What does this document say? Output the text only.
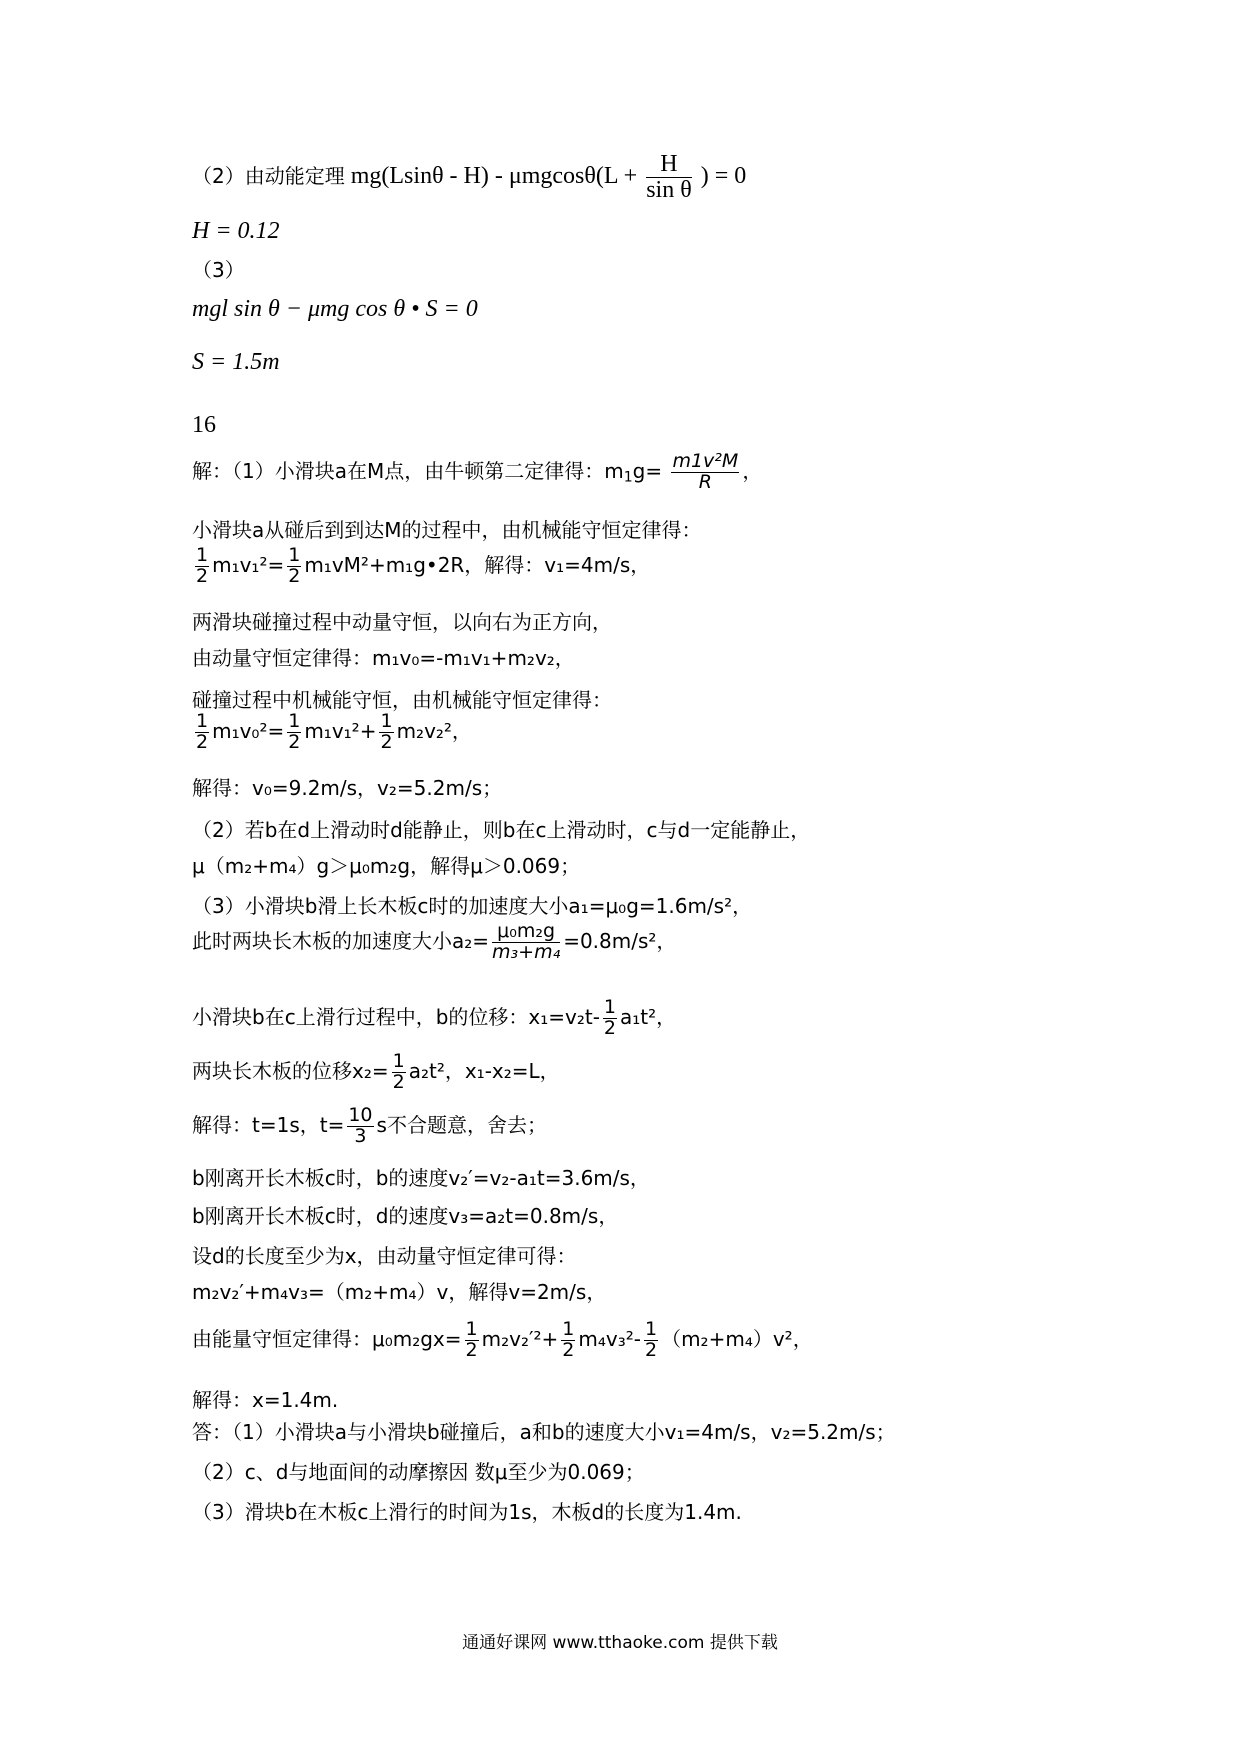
（2）由动能定理 $mg(Lsin\theta - H) - \mu mgcos\theta(L + \frac{H}{\text{sin θ}}$ ) = 0
H = 0.12
（3）
mgl sin θ − μmg cos θ • S = 0
S = 1.5m
16
解：（1）小滑块a在M点，由牛顿第二定律得：$m_1g= \frac{\text{m1v²M}}{R}$ ，
小滑块a从碰后到到达M的过程中，由机械能守恒定律得：
$\frac{1}{2} m_1v_1^2= \frac{1}{2}$ m₁vM²+m₁g•2R，解得：v₁=4m/s，
两滑块碰撞过程中动量守恒，以向右为正方向，
由动量守恒定律得：m₁v₀=-m₁v₁+m₂v₂，
碰撞过程中机械能守恒，由机械能守恒定律得：
$\frac{1}{2} m_1v_0^2= \frac{1}{2} m_1v_1^2+ \frac{1}{2} m_2v_2^2$，
解得：v₀=9.2m/s，v₂=5.2m/s；
（2）若b在d上滑动时d能静止，则b在c上滑动时，c与d一定能静止，
μ（m₂+m₄）g＞μ₀m₂g，解得μ＞0.069；
（3）小滑块b滑上长木板c时的加速度大小a₁=μ₀g=1.6m/s²，
此时两块长木板的加速度大小$a_2= \frac{\text{μ₀m₂g}}{\text{m₃+m₄}} =0.8m/s^2$，
小滑块b在c上滑行过程中，b的位移：$x_1=v_2t- \frac{1}{2} a_1t^2$，
两块长木板的位移$x_2= \frac{1}{2} a_2t^2$，x₁-x₂=L，
解得：t=1s，$t= \frac{10}{3}$ s不合题意，舍去；
b刚离开长木板c时，b的速度v₂′=v₂-a₁t=3.6m/s，
b刚离开长木板c时，d的速度v₃=a₂t=0.8m/s，
设d的长度至少为x，由动量守恒定律可得：
m₂v₂′+m₄v₃=（m₂+m₄）v，解得v=2m/s，
由能量守恒定律得：$\mu_0m_2gx= \frac{1}{2} m_2v_2'^2+ \frac{1}{2} m_4v_3^2- \frac{1}{2} (m_2+m_4)v^2$，
解得：x=1.4m.
答：（1）小滑块a与小滑块b碰撞后，a和b的速度大小v₁=4m/s，v₂=5.2m/s；
（2）c、d与地面间的动摩擦因 数μ至少为0.069；
（3）滑块b在木板c上滑行的时间为1s，木板d的长度为1.4m.
通通好课网 www.tthaoke.com 提供下载
